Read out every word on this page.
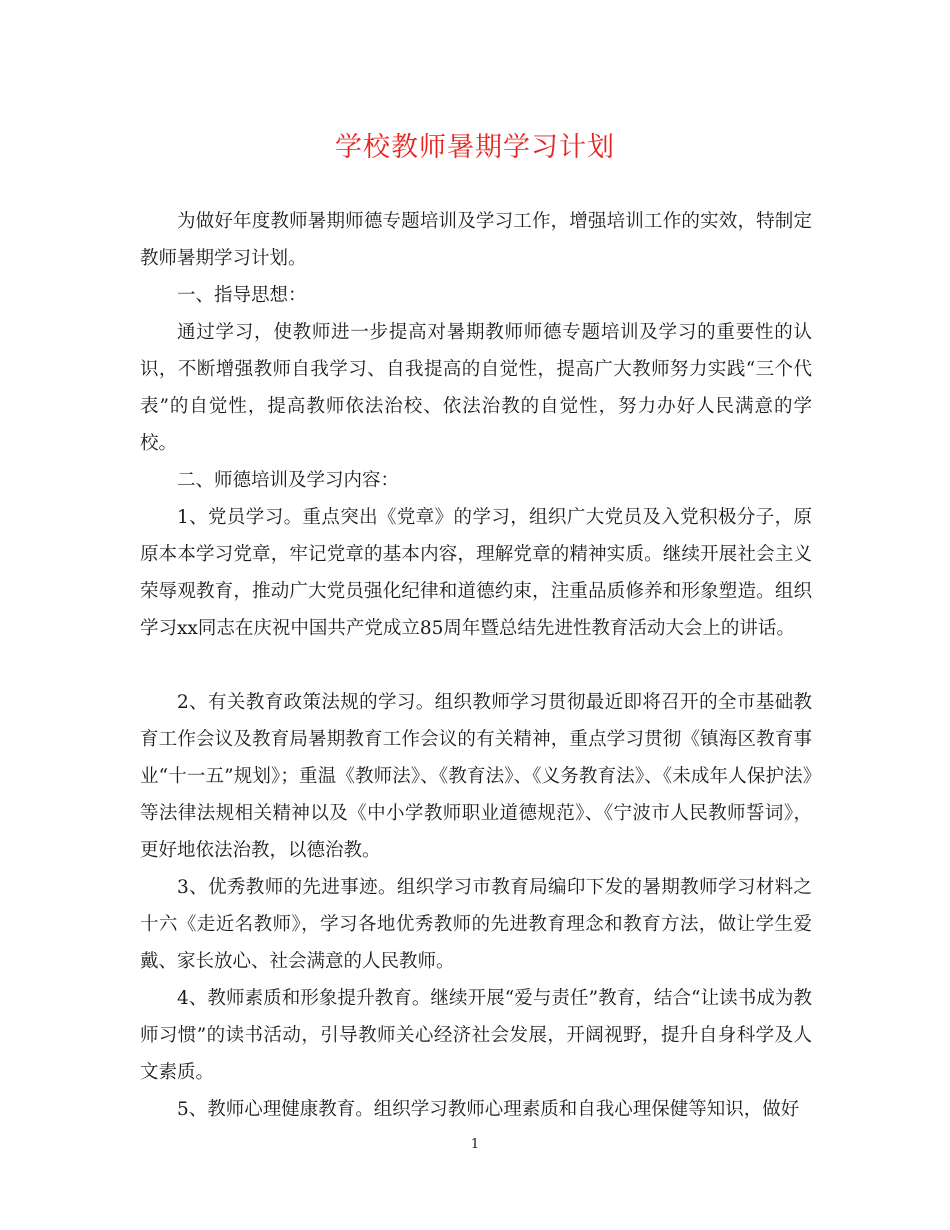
学校教师暑期学习计划

为做好年度教师暑期师德专题培训及学习工作，增强培训工作的实效，特制定教师暑期学习计划。

一、指导思想：

通过学习，使教师进一步提高对暑期教师师德专题培训及学习的重要性的认识，不断增强教师自我学习、自我提高的自觉性，提高广大教师努力实践“三个代表”的自觉性，提高教师依法治校、依法治教的自觉性，努力办好人民满意的学校。

二、师德培训及学习内容：

1、党员学习。重点突出《党章》的学习，组织广大党员及入党积极分子，原原本本学习党章，牢记党章的基本内容，理解党章的精神实质。继续开展社会主义荣辱观教育，推动广大党员强化纪律和道德约束，注重品质修养和形象塑造。组织学习xx同志在庆祝中国共产党成立85周年暨总结先进性教育活动大会上的讲话。

2、有关教育政策法规的学习。组织教师学习贯彻最近即将召开的全市基础教育工作会议及教育局暑期教育工作会议的有关精神，重点学习贯彻《镇海区教育事业“十一五”规划》；重温《教师法》、《教育法》、《义务教育法》、《未成年人保护法》等法律法规相关精神以及《中小学教师职业道德规范》、《宁波市人民教师誓词》，更好地依法治教，以德治教。

3、优秀教师的先进事迹。组织学习市教育局编印下发的暑期教师学习材料之十六《走近名教师》，学习各地优秀教师的先进教育理念和教育方法，做让学生爱戴、家长放心、社会满意的人民教师。

4、教师素质和形象提升教育。继续开展“爱与责任”教育，结合“让读书成为教师习惯”的读书活动，引导教师关心经济社会发展，开阔视野，提升自身科学及人文素质。

5、教师心理健康教育。组织学习教师心理素质和自我心理保健等知识，做好

1
